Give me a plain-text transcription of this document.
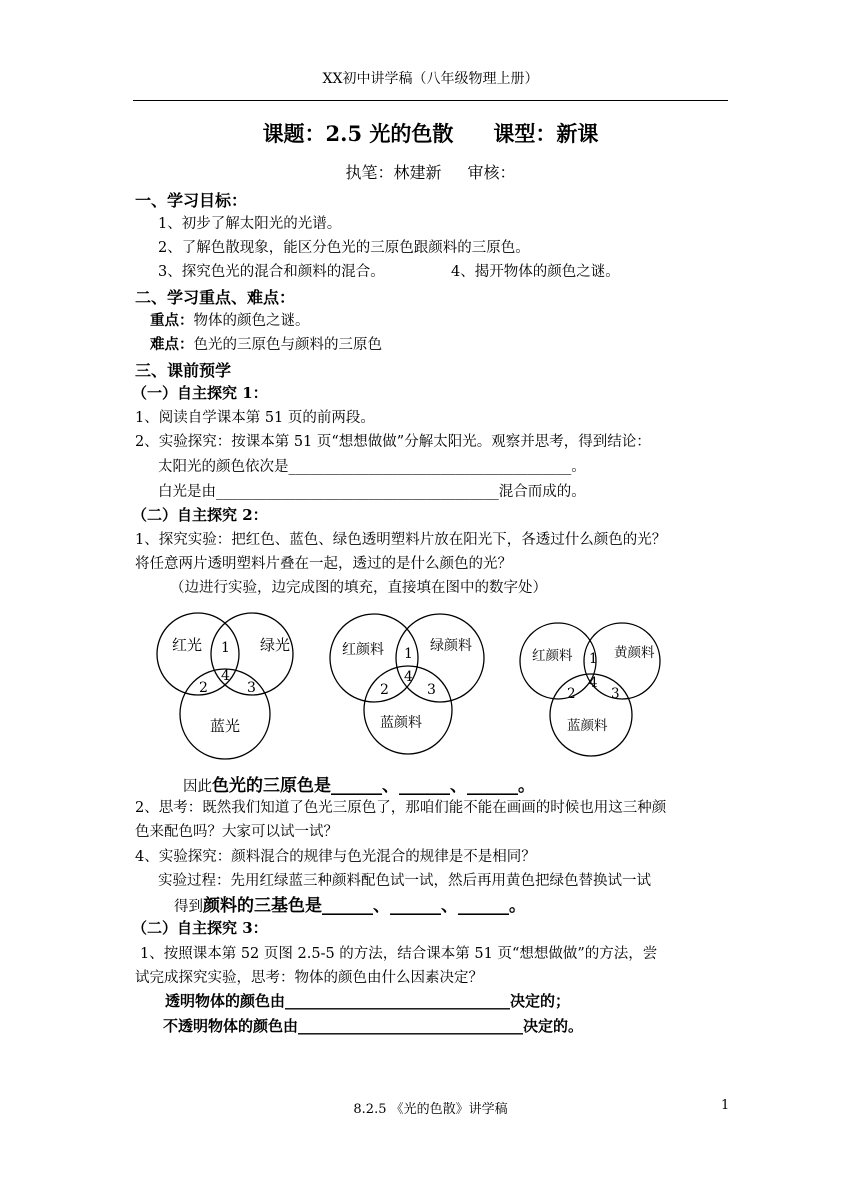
XX初中讲学稿（八年级物理上册）
课题：2.5 光的色散 课型：新课
执笔：林建新 审核：
一、学习目标：
1、初步了解太阳光的光谱。
2、了解色散现象，能区分色光的三原色跟颜料的三原色。
3、探究色光的混合和颜料的混合。	4、揭开物体的颜色之谜。
二、学习重点、难点：
重点：物体的颜色之谜。
难点：色光的三原色与颜料的三原色
三、课前预学
（一）自主探究 1：
1、阅读自学课本第 51 页的前两段。
2、实验探究：按课本第 51 页“想想做做”分解太阳光。观察并思考，得到结论：
太阳光的颜色依次是_______________________________________。
白光是由_______________________________________混合而成的。
（二）自主探究 2：
1、探究实验：把红色、蓝色、绿色透明塑料片放在阳光下，各透过什么颜色的光？
将任意两片透明塑料片叠在一起，透过的是什么颜色的光？
（边进行实验，边完成图的填充，直接填在图中的数字处）
红光	绿光
蓝光
1
2	3
4
红颜料	绿颜料
蓝颜料
1
2	3
4
红颜料	黄颜料
蓝颜料
1
2	3
4
因此色光的三原色是______、______、______。
2、思考：既然我们知道了色光三原色了，那咱们能不能在画画的时候也用这三种颜
色来配色吗？大家可以试一试？
4、实验探究：颜料混合的规律与色光混合的规律是不是相同？
实验过程：先用红绿蓝三种颜料配色试一试，然后再用黄色把绿色替换试一试
得到颜料的三基色是______、______、______。
（二）自主探究 3：
1、按照课本第 52 页图 2.5-5 的方法，结合课本第 51 页“想想做做”的方法，尝
试完成探究实验，思考：物体的颜色由什么因素决定？
透明物体的颜色由______________________________决定的；
不透明物体的颜色由______________________________决定的。
8.2.5 《光的色散》讲学稿	1
